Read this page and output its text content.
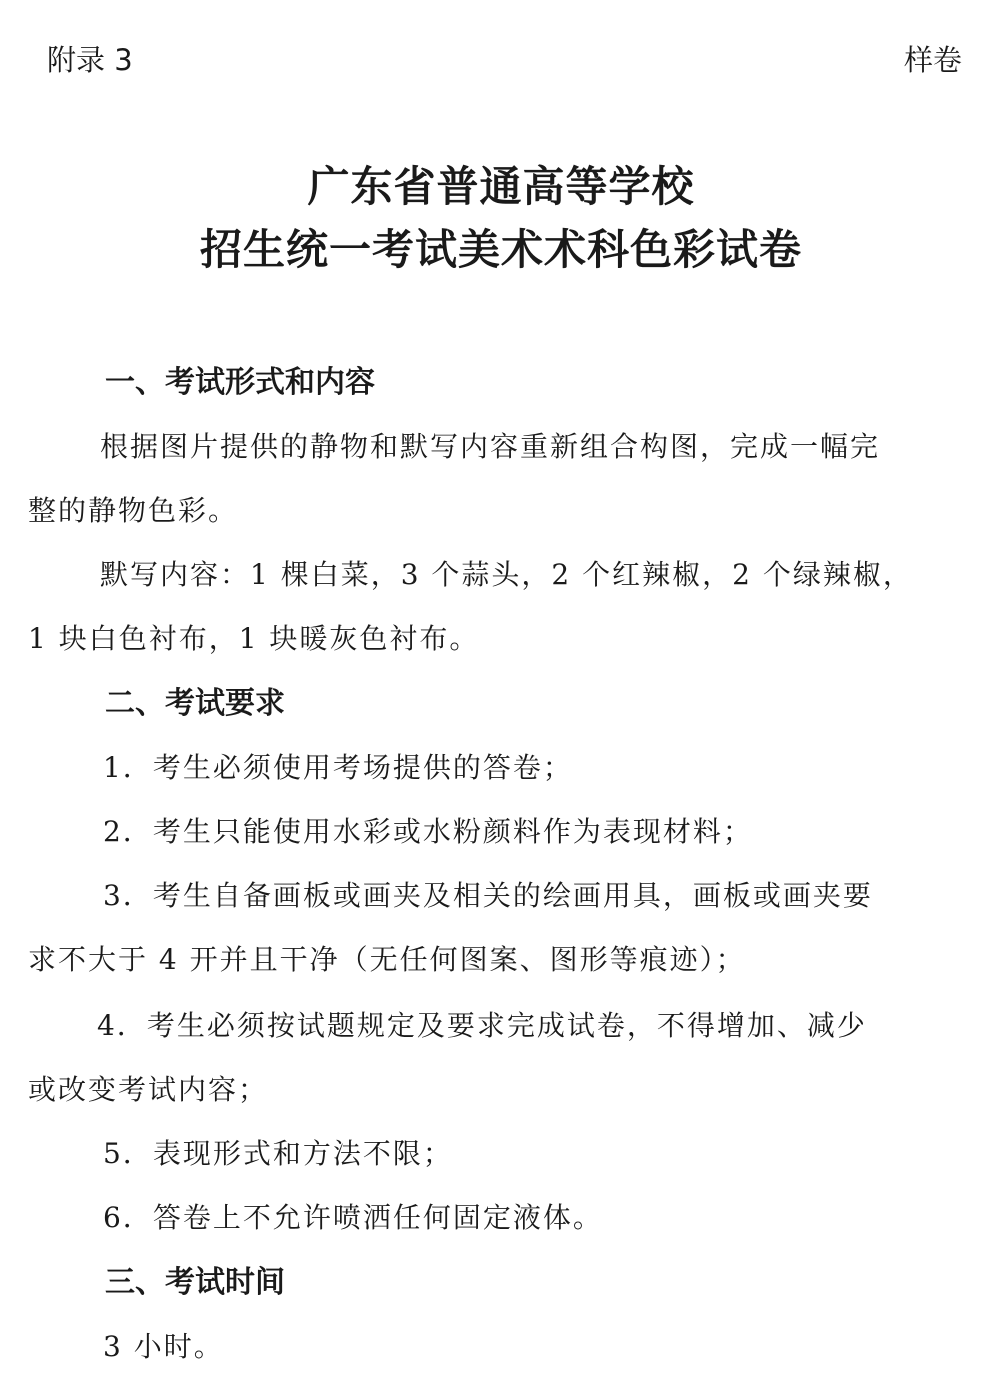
附录 3	样卷
广东省普通高等学校
招生统一考试美术术科色彩试卷
一、考试形式和内容
根据图片提供的静物和默写内容重新组合构图，完成一幅完
整的静物色彩。
默写内容：1 棵白菜，3 个蒜头，2 个红辣椒，2 个绿辣椒，
1 块白色衬布，1 块暖灰色衬布。
二、考试要求
1．考生必须使用考场提供的答卷；
2．考生只能使用水彩或水粉颜料作为表现材料；
3．考生自备画板或画夹及相关的绘画用具，画板或画夹要
求不大于 4 开并且干净（无任何图案、图形等痕迹）；
4．考生必须按试题规定及要求完成试卷，不得增加、减少
或改变考试内容；
5．表现形式和方法不限；
6．答卷上不允许喷洒任何固定液体。
三、考试时间
3 小时。
